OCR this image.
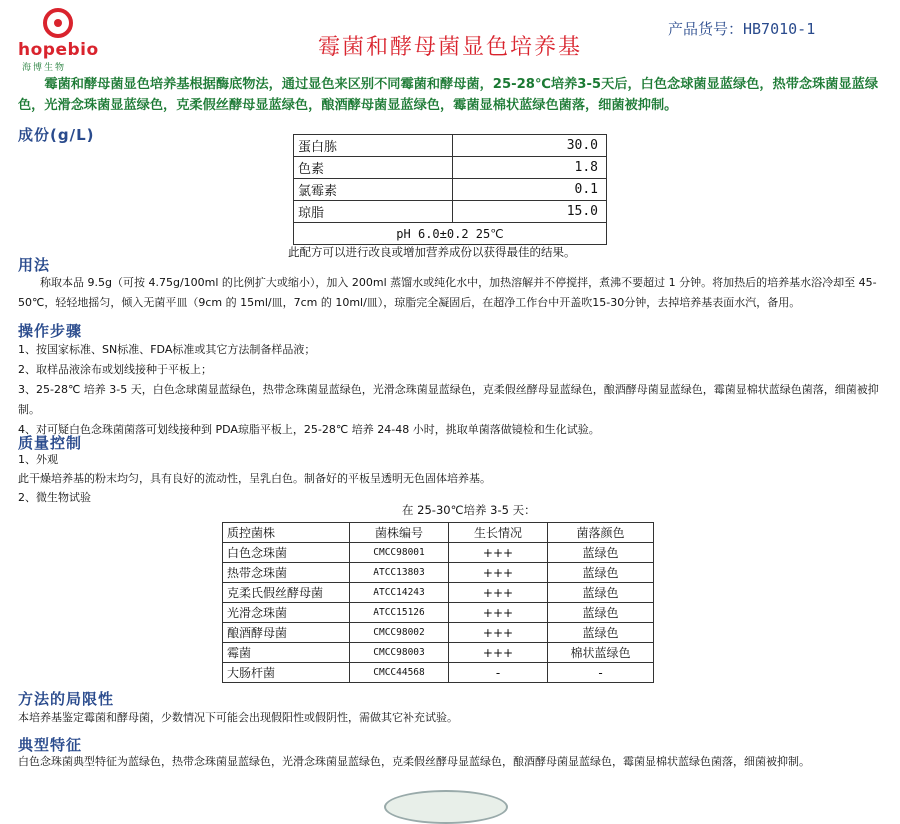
hopebio
海博生物
产品货号：HB7010-1
霉菌和酵母菌显色培养基
霉菌和酵母菌显色培养基根据酶底物法，通过显色来区别不同霉菌和酵母菌，25-28℃培养3-5天后，白色念球菌显蓝绿色，热带念珠菌显蓝绿色，光滑念珠菌显蓝绿色，克柔假丝酵母显蓝绿色，酿酒酵母菌显蓝绿色，霉菌显棉状蓝绿色菌落，细菌被抑制。
成份(g/L)
蛋白胨	30.0
色素	1.8
氯霉素	0.1
琼脂	15.0
pH 6.0±0.2 25℃	
此配方可以进行改良或增加营养成份以获得最佳的结果。
用法
称取本品 9.5g（可按 4.75g/100ml 的比例扩大或缩小），加入 200ml 蒸馏水或纯化水中，加热溶解并不停搅拌，煮沸不要超过 1 分钟。将加热后的培养基水浴冷却至 45-50℃，轻轻地摇匀，倾入无菌平皿（9cm 的 15ml/皿，7cm 的 10ml/皿），琼脂完全凝固后，在超净工作台中开盖吹15-30分钟，去掉培养基表面水汽，备用。
操作步骤
1、按国家标准、SN标准、FDA标准或其它方法制备样品液；
2、取样品液涂布或划线接种于平板上；
3、25-28℃ 培养 3-5 天，白色念球菌显蓝绿色，热带念珠菌显蓝绿色，光滑念珠菌显蓝绿色，克柔假丝酵母显蓝绿色，酿酒酵母菌显蓝绿色，霉菌显棉状蓝绿色菌落，细菌被抑制。
4、对可疑白色念珠菌菌落可划线接种到 PDA琼脂平板上，25-28℃ 培养 24-48 小时，挑取单菌落做镜检和生化试验。
质量控制
1、外观
此干燥培养基的粉末均匀，具有良好的流动性，呈乳白色。制备好的平板呈透明无色固体培养基。
2、微生物试验
在 25-30℃培养 3-5 天：
质控菌株	菌株编号	生长情况	菌落颜色
白色念珠菌	CMCC98001	+++	蓝绿色
热带念珠菌	ATCC13803	+++	蓝绿色
克柔氏假丝酵母菌	ATCC14243	+++	蓝绿色
光滑念珠菌	ATCC15126	+++	蓝绿色
酿酒酵母菌	CMCC98002	+++	蓝绿色
霉菌	CMCC98003	+++	棉状蓝绿色
大肠杆菌	CMCC44568	-	-
方法的局限性
本培养基鉴定霉菌和酵母菌，少数情况下可能会出现假阳性或假阴性，需做其它补充试验。
典型特征
白色念珠菌典型特征为蓝绿色，热带念珠菌显蓝绿色，光滑念珠菌显蓝绿色，克柔假丝酵母显蓝绿色，酿酒酵母菌显蓝绿色，霉菌显棉状蓝绿色菌落，细菌被抑制。
